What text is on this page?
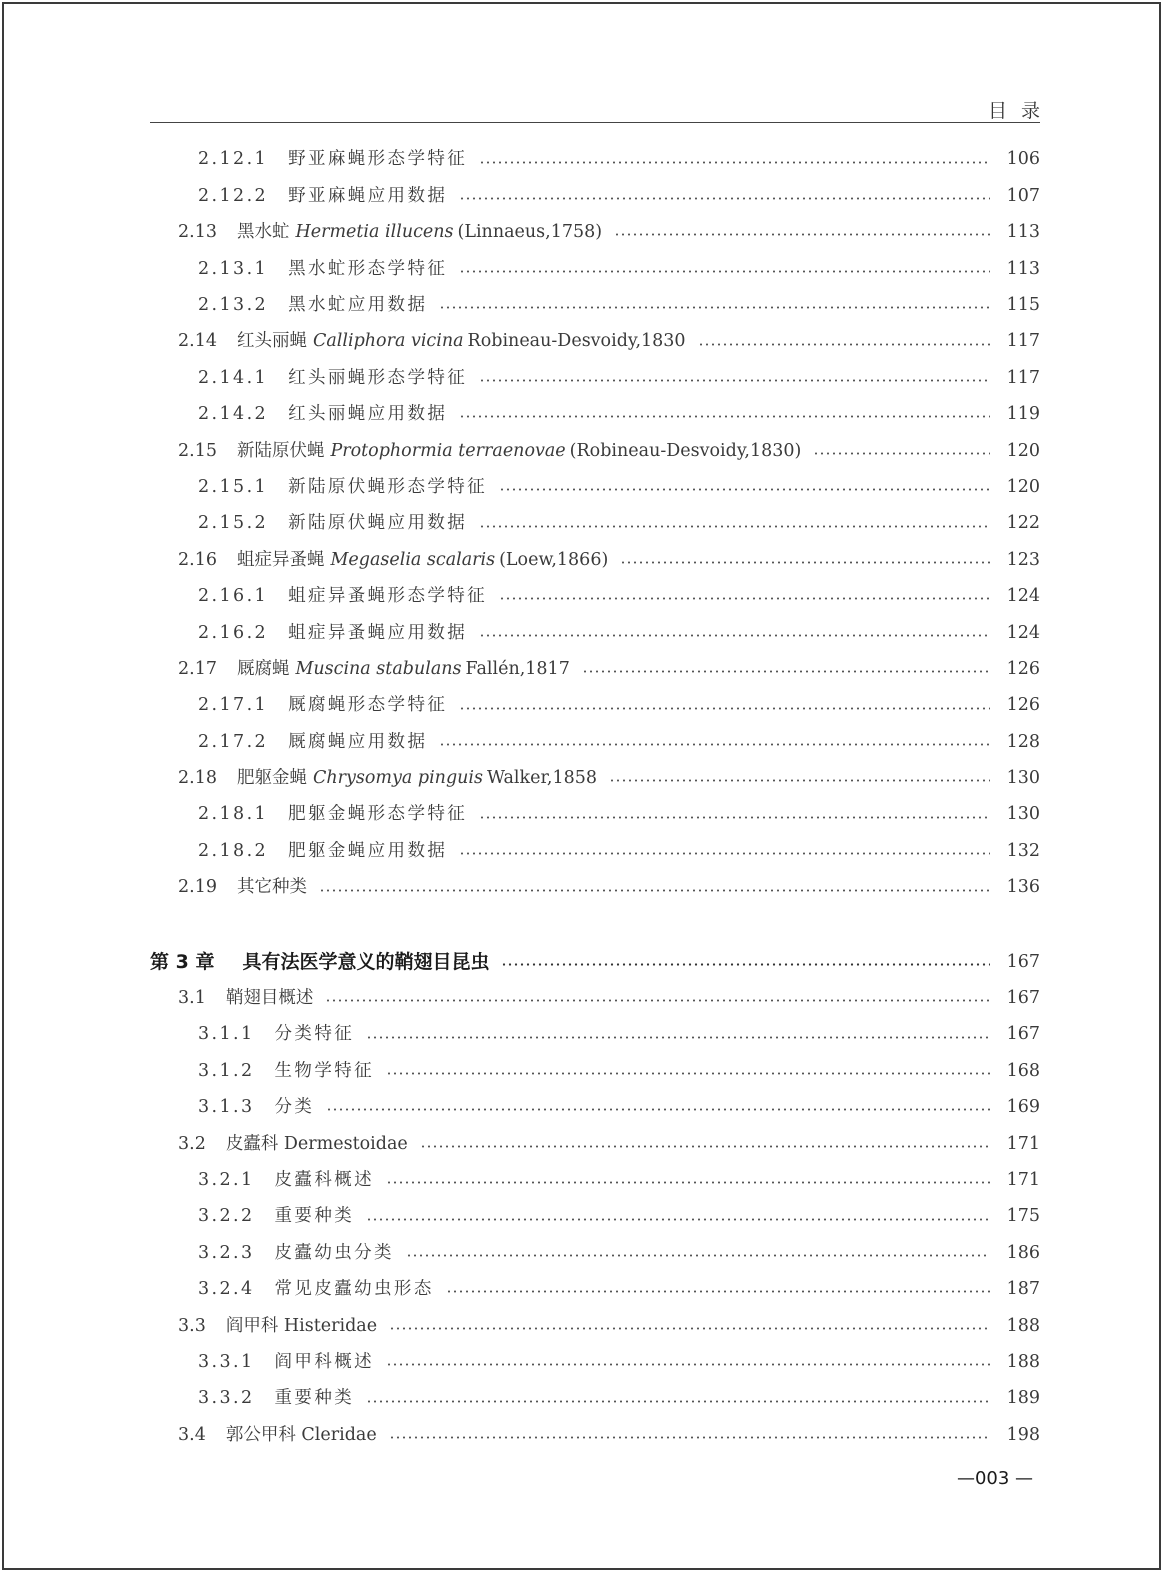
目录
2.12.1 野亚麻蝇形态学特征	106
2.12.2 野亚麻蝇应用数据	107
2.13 黑水虻 Hermetia illucens (Linnaeus,1758)	113
2.13.1 黑水虻形态学特征	113
2.13.2 黑水虻应用数据	115
2.14 红头丽蝇 Calliphora vicina Robineau-Desvoidy,1830	117
2.14.1 红头丽蝇形态学特征	117
2.14.2 红头丽蝇应用数据	119
2.15 新陆原伏蝇 Protophormia terraenovae (Robineau-Desvoidy,1830)	120
2.15.1 新陆原伏蝇形态学特征	120
2.15.2 新陆原伏蝇应用数据	122
2.16 蛆症异蚤蝇 Megaselia scalaris (Loew,1866)	123
2.16.1 蛆症异蚤蝇形态学特征	124
2.16.2 蛆症异蚤蝇应用数据	124
2.17 厩腐蝇 Muscina stabulans Fallén,1817	126
2.17.1 厩腐蝇形态学特征	126
2.17.2 厩腐蝇应用数据	128
2.18 肥躯金蝇 Chrysomya pinguis Walker,1858	130
2.18.1 肥躯金蝇形态学特征	130
2.18.2 肥躯金蝇应用数据	132
2.19 其它种类	136
第 3 章 具有法医学意义的鞘翅目昆虫	167
3.1 鞘翅目概述	167
3.1.1 分类特征	167
3.1.2 生物学特征	168
3.1.3 分类	169
3.2 皮蠹科 Dermestoidae	171
3.2.1 皮蠹科概述	171
3.2.2 重要种类	175
3.2.3 皮蠹幼虫分类	186
3.2.4 常见皮蠹幼虫形态	187
3.3 阎甲科 Histeridae	188
3.3.1 阎甲科概述	188
3.3.2 重要种类	189
3.4 郭公甲科 Cleridae	198
—003 —
